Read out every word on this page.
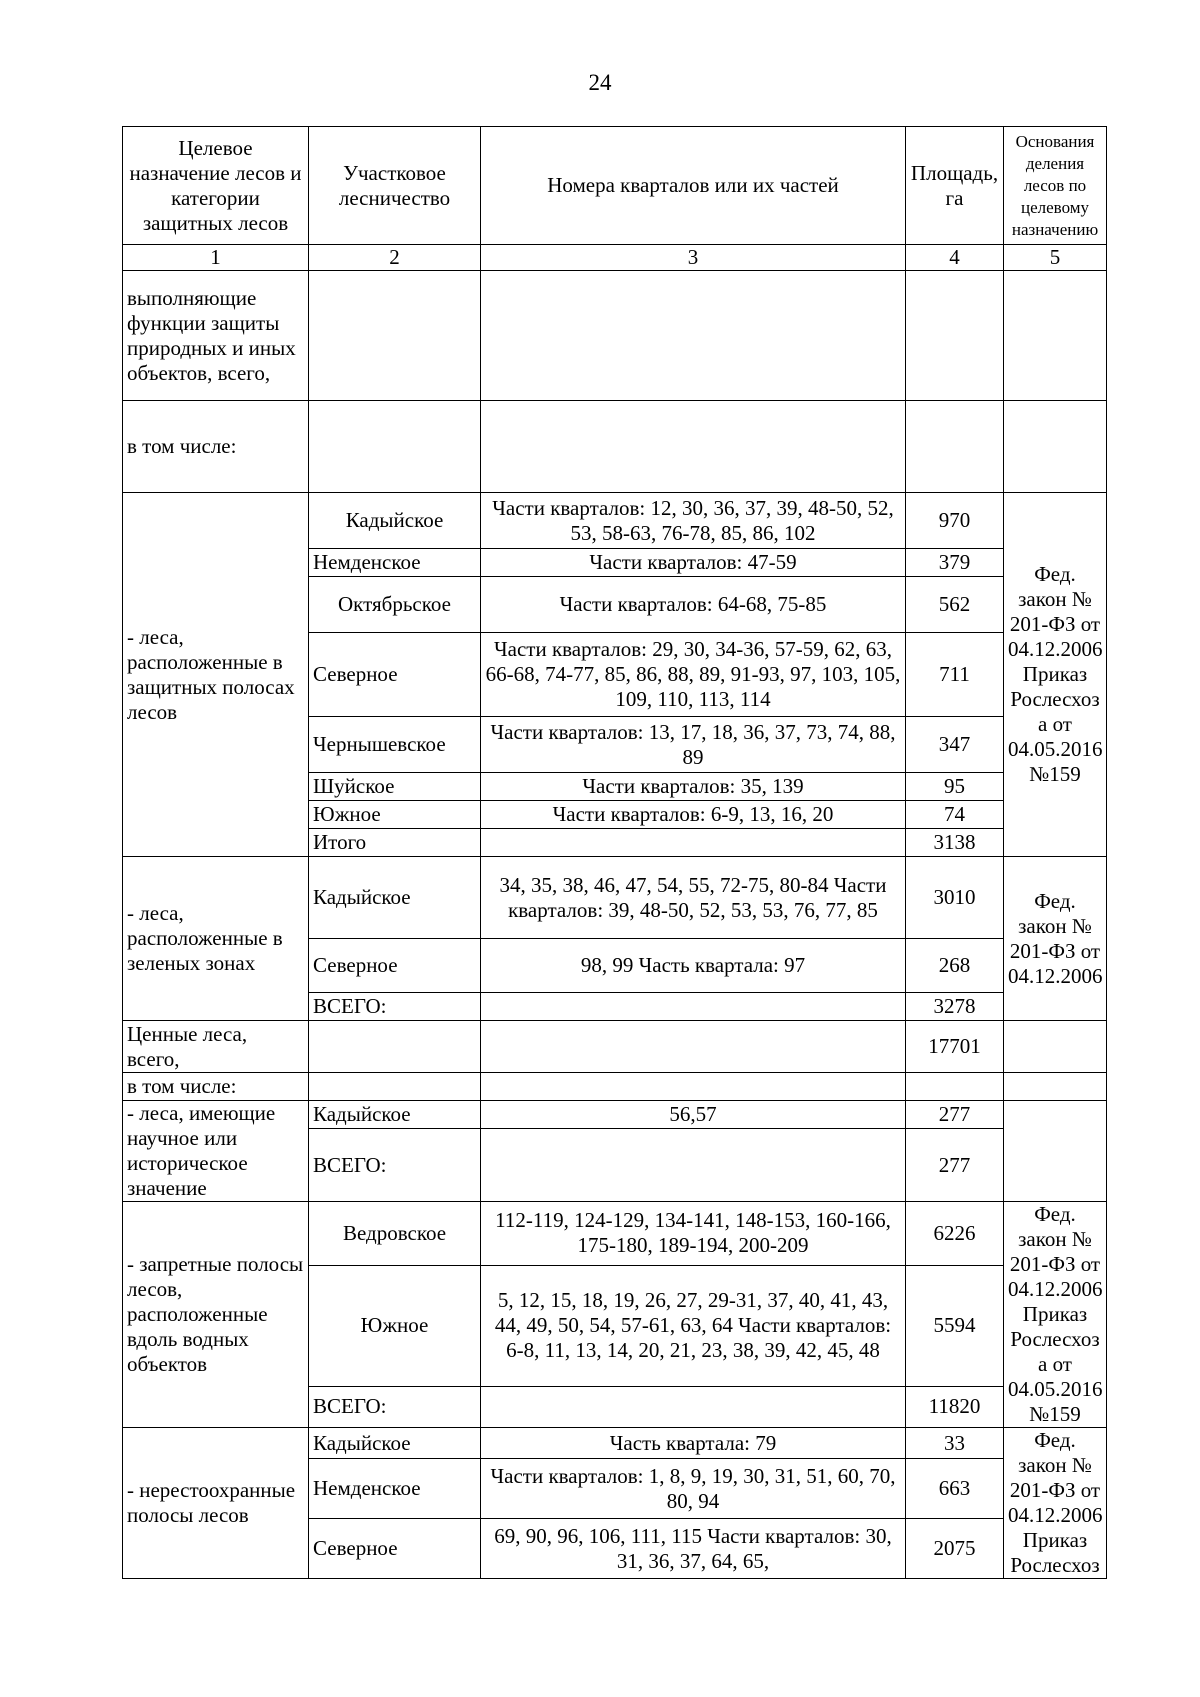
24
Целевое назначение лесов и категории защитных лесов	Участковое лесничество	Номера кварталов или их частей	Площадь, га	Основания деления лесов по целевому назначению
1	2	3	4	5
выполняющие функции защиты природных и иных объектов, всего,				
в том числе:				
- леса, расположенные в защитных полосах лесов	Кадыйское	Части кварталов: 12, 30, 36, 37, 39, 48-50, 52, 53, 58-63, 76-78, 85, 86, 102	970	Фед. закон № 201-ФЗ от 04.12.2006 Приказ Рослесхоз а от 04.05.2016 №159
	Немденское	Части кварталов: 47-59	379	
	Октябрьское	Части кварталов: 64-68, 75-85	562	
	Северное	Части кварталов: 29, 30, 34-36, 57-59, 62, 63, 66-68, 74-77, 85, 86, 88, 89, 91-93, 97, 103, 105, 109, 110, 113, 114	711	
	Чернышевское	Части кварталов: 13, 17, 18, 36, 37, 73, 74, 88, 89	347	
	Шуйское	Части кварталов: 35, 139	95	
	Южное	Части кварталов: 6-9, 13, 16, 20	74	
	Итого		3138	
- леса, расположенные в зеленых зонах	Кадыйское	34, 35, 38, 46, 47, 54, 55, 72-75, 80-84 Части кварталов: 39, 48-50, 52, 53, 53, 76, 77, 85	3010	Фед. закон № 201-ФЗ от 04.12.2006
	Северное	98, 99 Часть квартала: 97	268	
	ВСЕГО:		3278	
Ценные леса, всего,			17701	
в том числе:				
- леса, имеющие научное или историческое значение	Кадыйское	56,57	277	
	ВСЕГО:		277	
- запретные полосы лесов, расположенные вдоль водных объектов	Ведровское	112-119, 124-129, 134-141, 148-153, 160-166, 175-180, 189-194, 200-209	6226	Фед. закон № 201-ФЗ от 04.12.2006 Приказ Рослесхоз а от 04.05.2016 №159
	Южное	5, 12, 15, 18, 19, 26, 27, 29-31, 37, 40, 41, 43, 44, 49, 50, 54, 57-61, 63, 64 Части кварталов: 6-8, 11, 13, 14, 20, 21, 23, 38, 39, 42, 45, 48	5594	
	ВСЕГО:		11820	
- нерестоохранные полосы лесов	Кадыйское	Часть квартала: 79	33	Фед. закон № 201-ФЗ от 04.12.2006 Приказ Рослесхоз
	Немденское	Части кварталов: 1, 8, 9, 19, 30, 31, 51, 60, 70, 80, 94	663	
	Северное	69, 90, 96, 106, 111, 115 Части кварталов: 30, 31, 36, 37, 64, 65,	2075	
